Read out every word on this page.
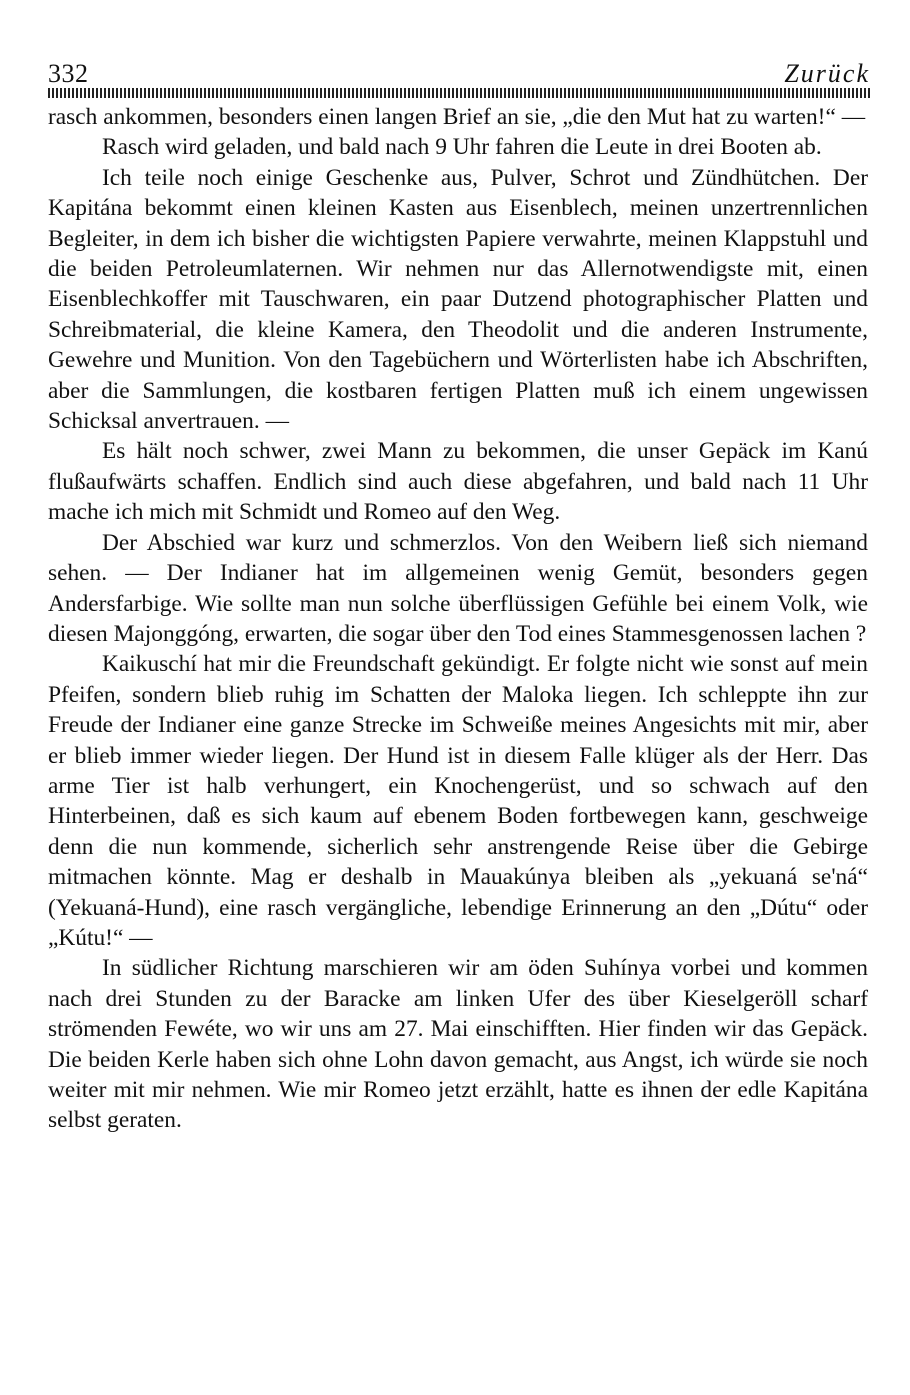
332	Zurück

rasch ankommen, besonders einen langen Brief an sie, „die den Mut hat zu warten!“ —

Rasch wird geladen, und bald nach 9 Uhr fahren die Leute in drei Booten ab.

Ich teile noch einige Geschenke aus, Pulver, Schrot und Zündhütchen. Der Kapitána bekommt einen kleinen Kasten aus Eisenblech, meinen unzertrennlichen Begleiter, in dem ich bisher die wichtigsten Papiere verwahrte, meinen Klappstuhl und die beiden Petroleumlaternen. Wir nehmen nur das Allernotwendigste mit, einen Eisenblechkoffer mit Tauschwaren, ein paar Dutzend photographischer Platten und Schreibmaterial, die kleine Kamera, den Theodolit und die anderen Instrumente, Gewehre und Munition. Von den Tagebüchern und Wörterlisten habe ich Abschriften, aber die Sammlungen, die kostbaren fertigen Platten muß ich einem ungewissen Schicksal anvertrauen. —

Es hält noch schwer, zwei Mann zu bekommen, die unser Gepäck im Kanú flußaufwärts schaffen. Endlich sind auch diese abgefahren, und bald nach 11 Uhr mache ich mich mit Schmidt und Romeo auf den Weg.

Der Abschied war kurz und schmerzlos. Von den Weibern ließ sich niemand sehen. — Der Indianer hat im allgemeinen wenig Gemüt, besonders gegen Andersfarbige. Wie sollte man nun solche überflüssigen Gefühle bei einem Volk, wie diesen Majonggóng, erwarten, die sogar über den Tod eines Stammesgenossen lachen ?

Kaikuschí hat mir die Freundschaft gekündigt. Er folgte nicht wie sonst auf mein Pfeifen, sondern blieb ruhig im Schatten der Maloka liegen. Ich schleppte ihn zur Freude der Indianer eine ganze Strecke im Schweiße meines Angesichts mit mir, aber er blieb immer wieder liegen. Der Hund ist in diesem Falle klüger als der Herr. Das arme Tier ist halb verhungert, ein Knochengerüst, und so schwach auf den Hinterbeinen, daß es sich kaum auf ebenem Boden fortbewegen kann, geschweige denn die nun kommende, sicherlich sehr anstrengende Reise über die Gebirge mitmachen könnte. Mag er deshalb in Mauakúnya bleiben als „yekuaná se'ná“ (Yekuaná-Hund), eine rasch vergängliche, lebendige Erinnerung an den „Dútu“ oder „Kútu!“ —

In südlicher Richtung marschieren wir am öden Suhínya vorbei und kommen nach drei Stunden zu der Baracke am linken Ufer des über Kieselgeröll scharf strömenden Fewéte, wo wir uns am 27. Mai einschifften. Hier finden wir das Gepäck. Die beiden Kerle haben sich ohne Lohn davon gemacht, aus Angst, ich würde sie noch weiter mit mir nehmen. Wie mir Romeo jetzt erzählt, hatte es ihnen der edle Kapitána selbst geraten.
